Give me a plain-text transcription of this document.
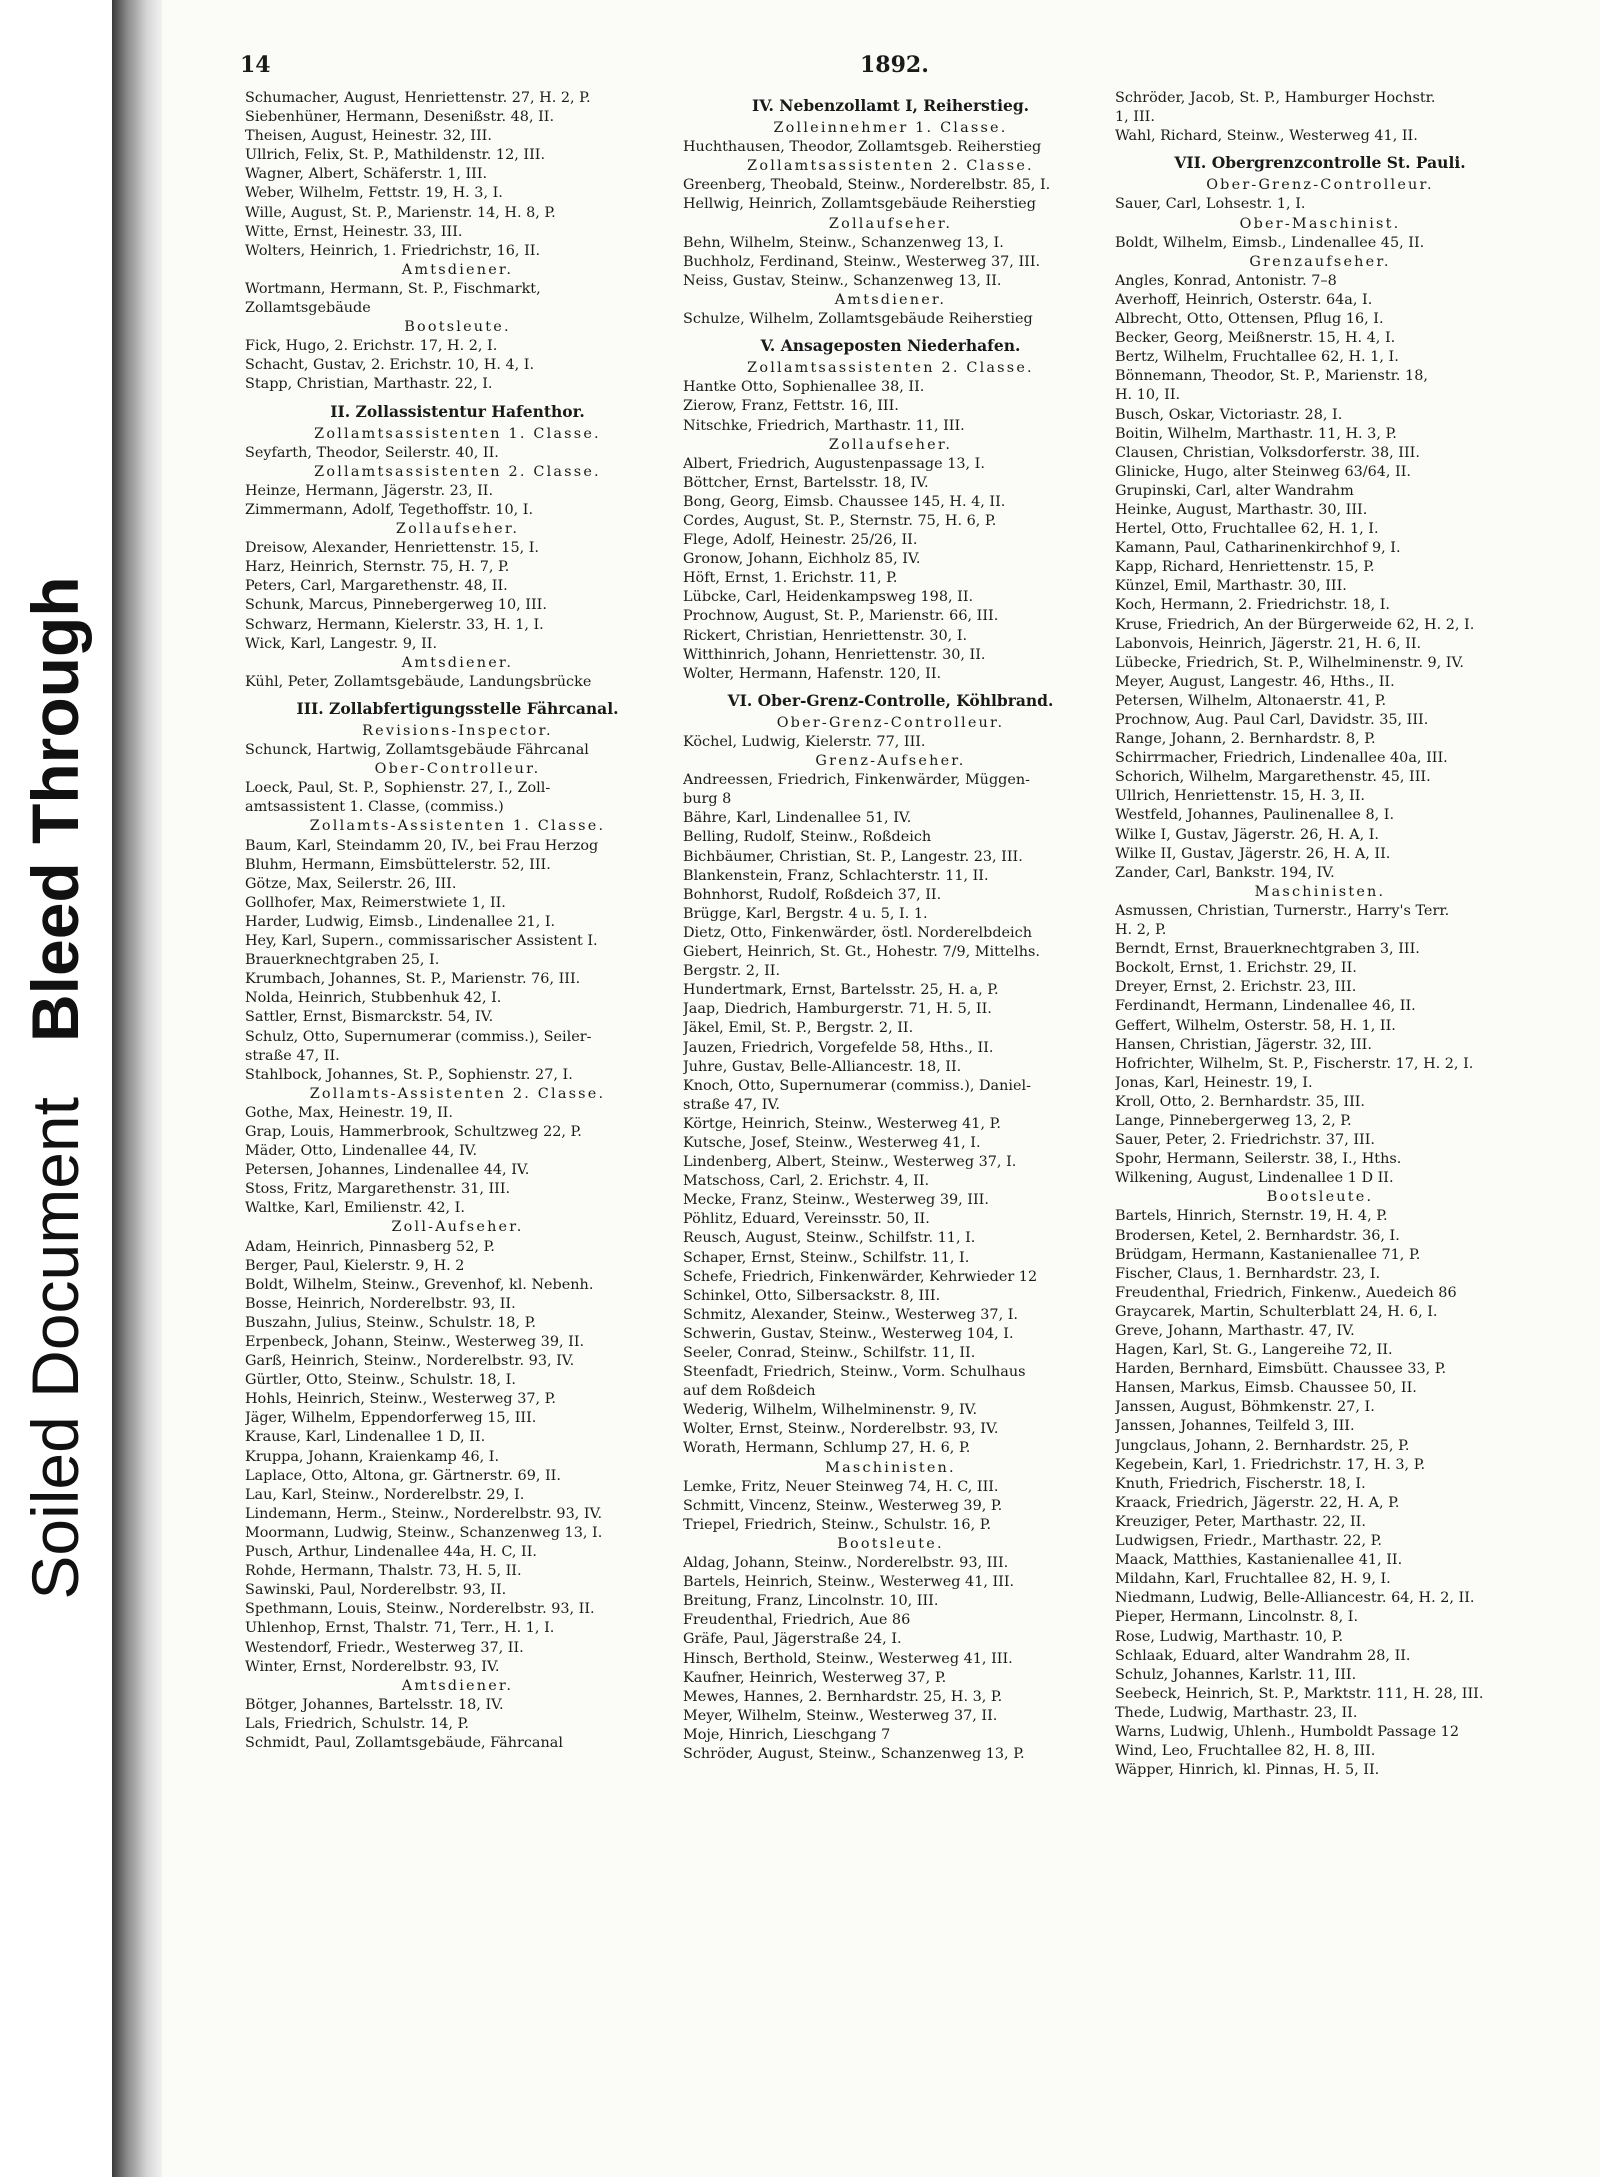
Soiled Document   Bleed Through
14	1892.
Schumacher, August, Henriettenstr. 27, H. 2, P.
Siebenhüner, Hermann, Desenißstr. 48, II.
Theisen, August, Heinestr. 32, III.
Ullrich, Felix, St. P., Mathildenstr. 12, III.
Wagner, Albert, Schäferstr. 1, III.
Weber, Wilhelm, Fettstr. 19, H. 3, I.
Wille, August, St. P., Marienstr. 14, H. 8, P.
Witte, Ernst, Heinestr. 33, III.
Wolters, Heinrich, 1. Friedrichstr, 16, II.
Amtsdiener.
Wortmann, Hermann, St. P., Fischmarkt,
Zollamtsgebäude
Bootsleute.
Fick, Hugo, 2. Erichstr. 17, H. 2, I.
Schacht, Gustav, 2. Erichstr. 10, H. 4, I.
Stapp, Christian, Marthastr. 22, I.
II. Zollassistentur Hafenthor.
Zollamtsassistenten 1. Classe.
Seyfarth, Theodor, Seilerstr. 40, II.
Zollamtsassistenten 2. Classe.
Heinze, Hermann, Jägerstr. 23, II.
Zimmermann, Adolf, Tegethoffstr. 10, I.
Zollaufseher.
Dreisow, Alexander, Henriettenstr. 15, I.
Harz, Heinrich, Sternstr. 75, H. 7, P.
Peters, Carl, Margarethenstr. 48, II.
Schunk, Marcus, Pinnebergerweg 10, III.
Schwarz, Hermann, Kielerstr. 33, H. 1, I.
Wick, Karl, Langestr. 9, II.
Amtsdiener.
Kühl, Peter, Zollamtsgebäude, Landungsbrücke
III. Zollabfertigungsstelle Fährcanal.
Revisions-Inspector.
Schunck, Hartwig, Zollamtsgebäude Fährcanal
Ober-Controlleur.
Loeck, Paul, St. P., Sophienstr. 27, I., Zoll-
amtsassistent 1. Classe, (commiss.)
Zollamts-Assistenten 1. Classe.
Baum, Karl, Steindamm 20, IV., bei Frau Herzog
Bluhm, Hermann, Eimsbüttelerstr. 52, III.
Götze, Max, Seilerstr. 26, III.
Gollhofer, Max, Reimerstwiete 1, II.
Harder, Ludwig, Eimsb., Lindenallee 21, I.
Hey, Karl, Supern., commissarischer Assistent I.
Brauerknechtgraben 25, I.
Krumbach, Johannes, St. P., Marienstr. 76, III.
Nolda, Heinrich, Stubbenhuk 42, I.
Sattler, Ernst, Bismarckstr. 54, IV.
Schulz, Otto, Supernumerar (commiss.), Seiler-
straße 47, II.
Stahlbock, Johannes, St. P., Sophienstr. 27, I.
Zollamts-Assistenten 2. Classe.
Gothe, Max, Heinestr. 19, II.
Grap, Louis, Hammerbrook, Schultzweg 22, P.
Mäder, Otto, Lindenallee 44, IV.
Petersen, Johannes, Lindenallee 44, IV.
Stoss, Fritz, Margarethenstr. 31, III.
Waltke, Karl, Emilienstr. 42, I.
Zoll-Aufseher.
Adam, Heinrich, Pinnasberg 52, P.
Berger, Paul, Kielerstr. 9, H. 2
Boldt, Wilhelm, Steinw., Grevenhof, kl. Nebenh.
Bosse, Heinrich, Norderelbstr. 93, II.
Buszahn, Julius, Steinw., Schulstr. 18, P.
Erpenbeck, Johann, Steinw., Westerweg 39, II.
Garß, Heinrich, Steinw., Norderelbstr. 93, IV.
Gürtler, Otto, Steinw., Schulstr. 18, I.
Hohls, Heinrich, Steinw., Westerweg 37, P.
Jäger, Wilhelm, Eppendorferweg 15, III.
Krause, Karl, Lindenallee 1 D, II.
Kruppa, Johann, Kraienkamp 46, I.
Laplace, Otto, Altona, gr. Gärtnerstr. 69, II.
Lau, Karl, Steinw., Norderelbstr. 29, I.
Lindemann, Herm., Steinw., Norderelbstr. 93, IV.
Moormann, Ludwig, Steinw., Schanzenweg 13, I.
Pusch, Arthur, Lindenallee 44a, H. C, II.
Rohde, Hermann, Thalstr. 73, H. 5, II.
Sawinski, Paul, Norderelbstr. 93, II.
Spethmann, Louis, Steinw., Norderelbstr. 93, II.
Uhlenhop, Ernst, Thalstr. 71, Terr., H. 1, I.
Westendorf, Friedr., Westerweg 37, II.
Winter, Ernst, Norderelbstr. 93, IV.
Amtsdiener.
Bötger, Johannes, Bartelsstr. 18, IV.
Lals, Friedrich, Schulstr. 14, P.
Schmidt, Paul, Zollamtsgebäude, Fährcanal
IV. Nebenzollamt I, Reiherstieg.
Zolleinnehmer 1. Classe.
Huchthausen, Theodor, Zollamtsgeb. Reiherstieg
Zollamtsassistenten 2. Classe.
Greenberg, Theobald, Steinw., Norderelbstr. 85, I.
Hellwig, Heinrich, Zollamtsgebäude Reiherstieg
Zollaufseher.
Behn, Wilhelm, Steinw., Schanzenweg 13, I.
Buchholz, Ferdinand, Steinw., Westerweg 37, III.
Neiss, Gustav, Steinw., Schanzenweg 13, II.
Amtsdiener.
Schulze, Wilhelm, Zollamtsgebäude Reiherstieg
V. Ansageposten Niederhafen.
Zollamtsassistenten 2. Classe.
Hantke Otto, Sophienallee 38, II.
Zierow, Franz, Fettstr. 16, III.
Nitschke, Friedrich, Marthastr. 11, III.
Zollaufseher.
Albert, Friedrich, Augustenpassage 13, I.
Böttcher, Ernst, Bartelsstr. 18, IV.
Bong, Georg, Eimsb. Chaussee 145, H. 4, II.
Cordes, August, St. P., Sternstr. 75, H. 6, P.
Flege, Adolf, Heinestr. 25/26, II.
Gronow, Johann, Eichholz 85, IV.
Höft, Ernst, 1. Erichstr. 11, P.
Lübcke, Carl, Heidenkampsweg 198, II.
Prochnow, August, St. P., Marienstr. 66, III.
Rickert, Christian, Henriettenstr. 30, I.
Witthinrich, Johann, Henriettenstr. 30, II.
Wolter, Hermann, Hafenstr. 120, II.
VI. Ober-Grenz-Controlle, Köhlbrand.
Ober-Grenz-Controlleur.
Köchel, Ludwig, Kielerstr. 77, III.
Grenz-Aufseher.
Andreessen, Friedrich, Finkenwärder, Müggen-
burg 8
Bähre, Karl, Lindenallee 51, IV.
Belling, Rudolf, Steinw., Roßdeich
Bichbäumer, Christian, St. P., Langestr. 23, III.
Blankenstein, Franz, Schlachterstr. 11, II.
Bohnhorst, Rudolf, Roßdeich 37, II.
Brügge, Karl, Bergstr. 4 u. 5, I. 1.
Dietz, Otto, Finkenwärder, östl. Norderelbdeich
Giebert, Heinrich, St. Gt., Hohestr. 7/9, Mittelhs.
Bergstr. 2, II.
Hundertmark, Ernst, Bartelsstr. 25, H. a, P.
Jaap, Diedrich, Hamburgerstr. 71, H. 5, II.
Jäkel, Emil, St. P., Bergstr. 2, II.
Jauzen, Friedrich, Vorgefelde 58, Hths., II.
Juhre, Gustav, Belle-Alliancestr. 18, II.
Knoch, Otto, Supernumerar (commiss.), Daniel-
straße 47, IV.
Körtge, Heinrich, Steinw., Westerweg 41, P.
Kutsche, Josef, Steinw., Westerweg 41, I.
Lindenberg, Albert, Steinw., Westerweg 37, I.
Matschoss, Carl, 2. Erichstr. 4, II.
Mecke, Franz, Steinw., Westerweg 39, III.
Pöhlitz, Eduard, Vereinsstr. 50, II.
Reusch, August, Steinw., Schilfstr. 11, I.
Schaper, Ernst, Steinw., Schilfstr. 11, I.
Schefe, Friedrich, Finkenwärder, Kehrwieder 12
Schinkel, Otto, Silbersackstr. 8, III.
Schmitz, Alexander, Steinw., Westerweg 37, I.
Schwerin, Gustav, Steinw., Westerweg 104, I.
Seeler, Conrad, Steinw., Schilfstr. 11, II.
Steenfadt, Friedrich, Steinw., Vorm. Schulhaus
auf dem Roßdeich
Wederig, Wilhelm, Wilhelminenstr. 9, IV.
Wolter, Ernst, Steinw., Norderelbstr. 93, IV.
Worath, Hermann, Schlump 27, H. 6, P.
Maschinisten.
Lemke, Fritz, Neuer Steinweg 74, H. C, III.
Schmitt, Vincenz, Steinw., Westerweg 39, P.
Triepel, Friedrich, Steinw., Schulstr. 16, P.
Bootsleute.
Aldag, Johann, Steinw., Norderelbstr. 93, III.
Bartels, Heinrich, Steinw., Westerweg 41, III.
Breitung, Franz, Lincolnstr. 10, III.
Freudenthal, Friedrich, Aue 86
Gräfe, Paul, Jägerstraße 24, I.
Hinsch, Berthold, Steinw., Westerweg 41, III.
Kaufner, Heinrich, Westerweg 37, P.
Mewes, Hannes, 2. Bernhardstr. 25, H. 3, P.
Meyer, Wilhelm, Steinw., Westerweg 37, II.
Moje, Hinrich, Lieschgang 7
Schröder, August, Steinw., Schanzenweg 13, P.
Schröder, Jacob, St. P., Hamburger Hochstr.
1, III.
Wahl, Richard, Steinw., Westerweg 41, II.
VII. Obergrenzcontrolle St. Pauli.
Ober-Grenz-Controlleur.
Sauer, Carl, Lohsestr. 1, I.
Ober-Maschinist.
Boldt, Wilhelm, Eimsb., Lindenallee 45, II.
Grenzaufseher.
Angles, Konrad, Antonistr. 7–8
Averhoff, Heinrich, Osterstr. 64a, I.
Albrecht, Otto, Ottensen, Pflug 16, I.
Becker, Georg, Meißnerstr. 15, H. 4, I.
Bertz, Wilhelm, Fruchtallee 62, H. 1, I.
Bönnemann, Theodor, St. P., Marienstr. 18,
H. 10, II.
Busch, Oskar, Victoriastr. 28, I.
Boitin, Wilhelm, Marthastr. 11, H. 3, P.
Clausen, Christian, Volksdorferstr. 38, III.
Glinicke, Hugo, alter Steinweg 63/64, II.
Grupinski, Carl, alter Wandrahm
Heinke, August, Marthastr. 30, III.
Hertel, Otto, Fruchtallee 62, H. 1, I.
Kamann, Paul, Catharinenkirchhof 9, I.
Kapp, Richard, Henriettenstr. 15, P.
Künzel, Emil, Marthastr. 30, III.
Koch, Hermann, 2. Friedrichstr. 18, I.
Kruse, Friedrich, An der Bürgerweide 62, H. 2, I.
Labonvois, Heinrich, Jägerstr. 21, H. 6, II.
Lübecke, Friedrich, St. P., Wilhelminenstr. 9, IV.
Meyer, August, Langestr. 46, Hths., II.
Petersen, Wilhelm, Altonaerstr. 41, P.
Prochnow, Aug. Paul Carl, Davidstr. 35, III.
Range, Johann, 2. Bernhardstr. 8, P.
Schirrmacher, Friedrich, Lindenallee 40a, III.
Schorich, Wilhelm, Margarethenstr. 45, III.
Ullrich, Henriettenstr. 15, H. 3, II.
Westfeld, Johannes, Paulinenallee 8, I.
Wilke I, Gustav, Jägerstr. 26, H. A, I.
Wilke II, Gustav, Jägerstr. 26, H. A, II.
Zander, Carl, Bankstr. 194, IV.
Maschinisten.
Asmussen, Christian, Turnerstr., Harry's Terr.
H. 2, P.
Berndt, Ernst, Brauerknechtgraben 3, III.
Bockolt, Ernst, 1. Erichstr. 29, II.
Dreyer, Ernst, 2. Erichstr. 23, III.
Ferdinandt, Hermann, Lindenallee 46, II.
Geffert, Wilhelm, Osterstr. 58, H. 1, II.
Hansen, Christian, Jägerstr. 32, III.
Hofrichter, Wilhelm, St. P., Fischerstr. 17, H. 2, I.
Jonas, Karl, Heinestr. 19, I.
Kroll, Otto, 2. Bernhardstr. 35, III.
Lange, Pinnebergerweg 13, 2, P.
Sauer, Peter, 2. Friedrichstr. 37, III.
Spohr, Hermann, Seilerstr. 38, I., Hths.
Wilkening, August, Lindenallee 1 D II.
Bootsleute.
Bartels, Hinrich, Sternstr. 19, H. 4, P.
Brodersen, Ketel, 2. Bernhardstr. 36, I.
Brüdgam, Hermann, Kastanienallee 71, P.
Fischer, Claus, 1. Bernhardstr. 23, I.
Freudenthal, Friedrich, Finkenw., Auedeich 86
Graycarek, Martin, Schulterblatt 24, H. 6, I.
Greve, Johann, Marthastr. 47, IV.
Hagen, Karl, St. G., Langereihe 72, II.
Harden, Bernhard, Eimsbütt. Chaussee 33, P.
Hansen, Markus, Eimsb. Chaussee 50, II.
Janssen, August, Böhmkenstr. 27, I.
Janssen, Johannes, Teilfeld 3, III.
Jungclaus, Johann, 2. Bernhardstr. 25, P.
Kegebein, Karl, 1. Friedrichstr. 17, H. 3, P.
Knuth, Friedrich, Fischerstr. 18, I.
Kraack, Friedrich, Jägerstr. 22, H. A, P.
Kreuziger, Peter, Marthastr. 22, II.
Ludwigsen, Friedr., Marthastr. 22, P.
Maack, Matthies, Kastanienallee 41, II.
Mildahn, Karl, Fruchtallee 82, H. 9, I.
Niedmann, Ludwig, Belle-Alliancestr. 64, H. 2, II.
Pieper, Hermann, Lincolnstr. 8, I.
Rose, Ludwig, Marthastr. 10, P.
Schlaak, Eduard, alter Wandrahm 28, II.
Schulz, Johannes, Karlstr. 11, III.
Seebeck, Heinrich, St. P., Marktstr. 111, H. 28, III.
Thede, Ludwig, Marthastr. 23, II.
Warns, Ludwig, Uhlenh., Humboldt Passage 12
Wind, Leo, Fruchtallee 82, H. 8, III.
Wäpper, Hinrich, kl. Pinnas, H. 5, II.
